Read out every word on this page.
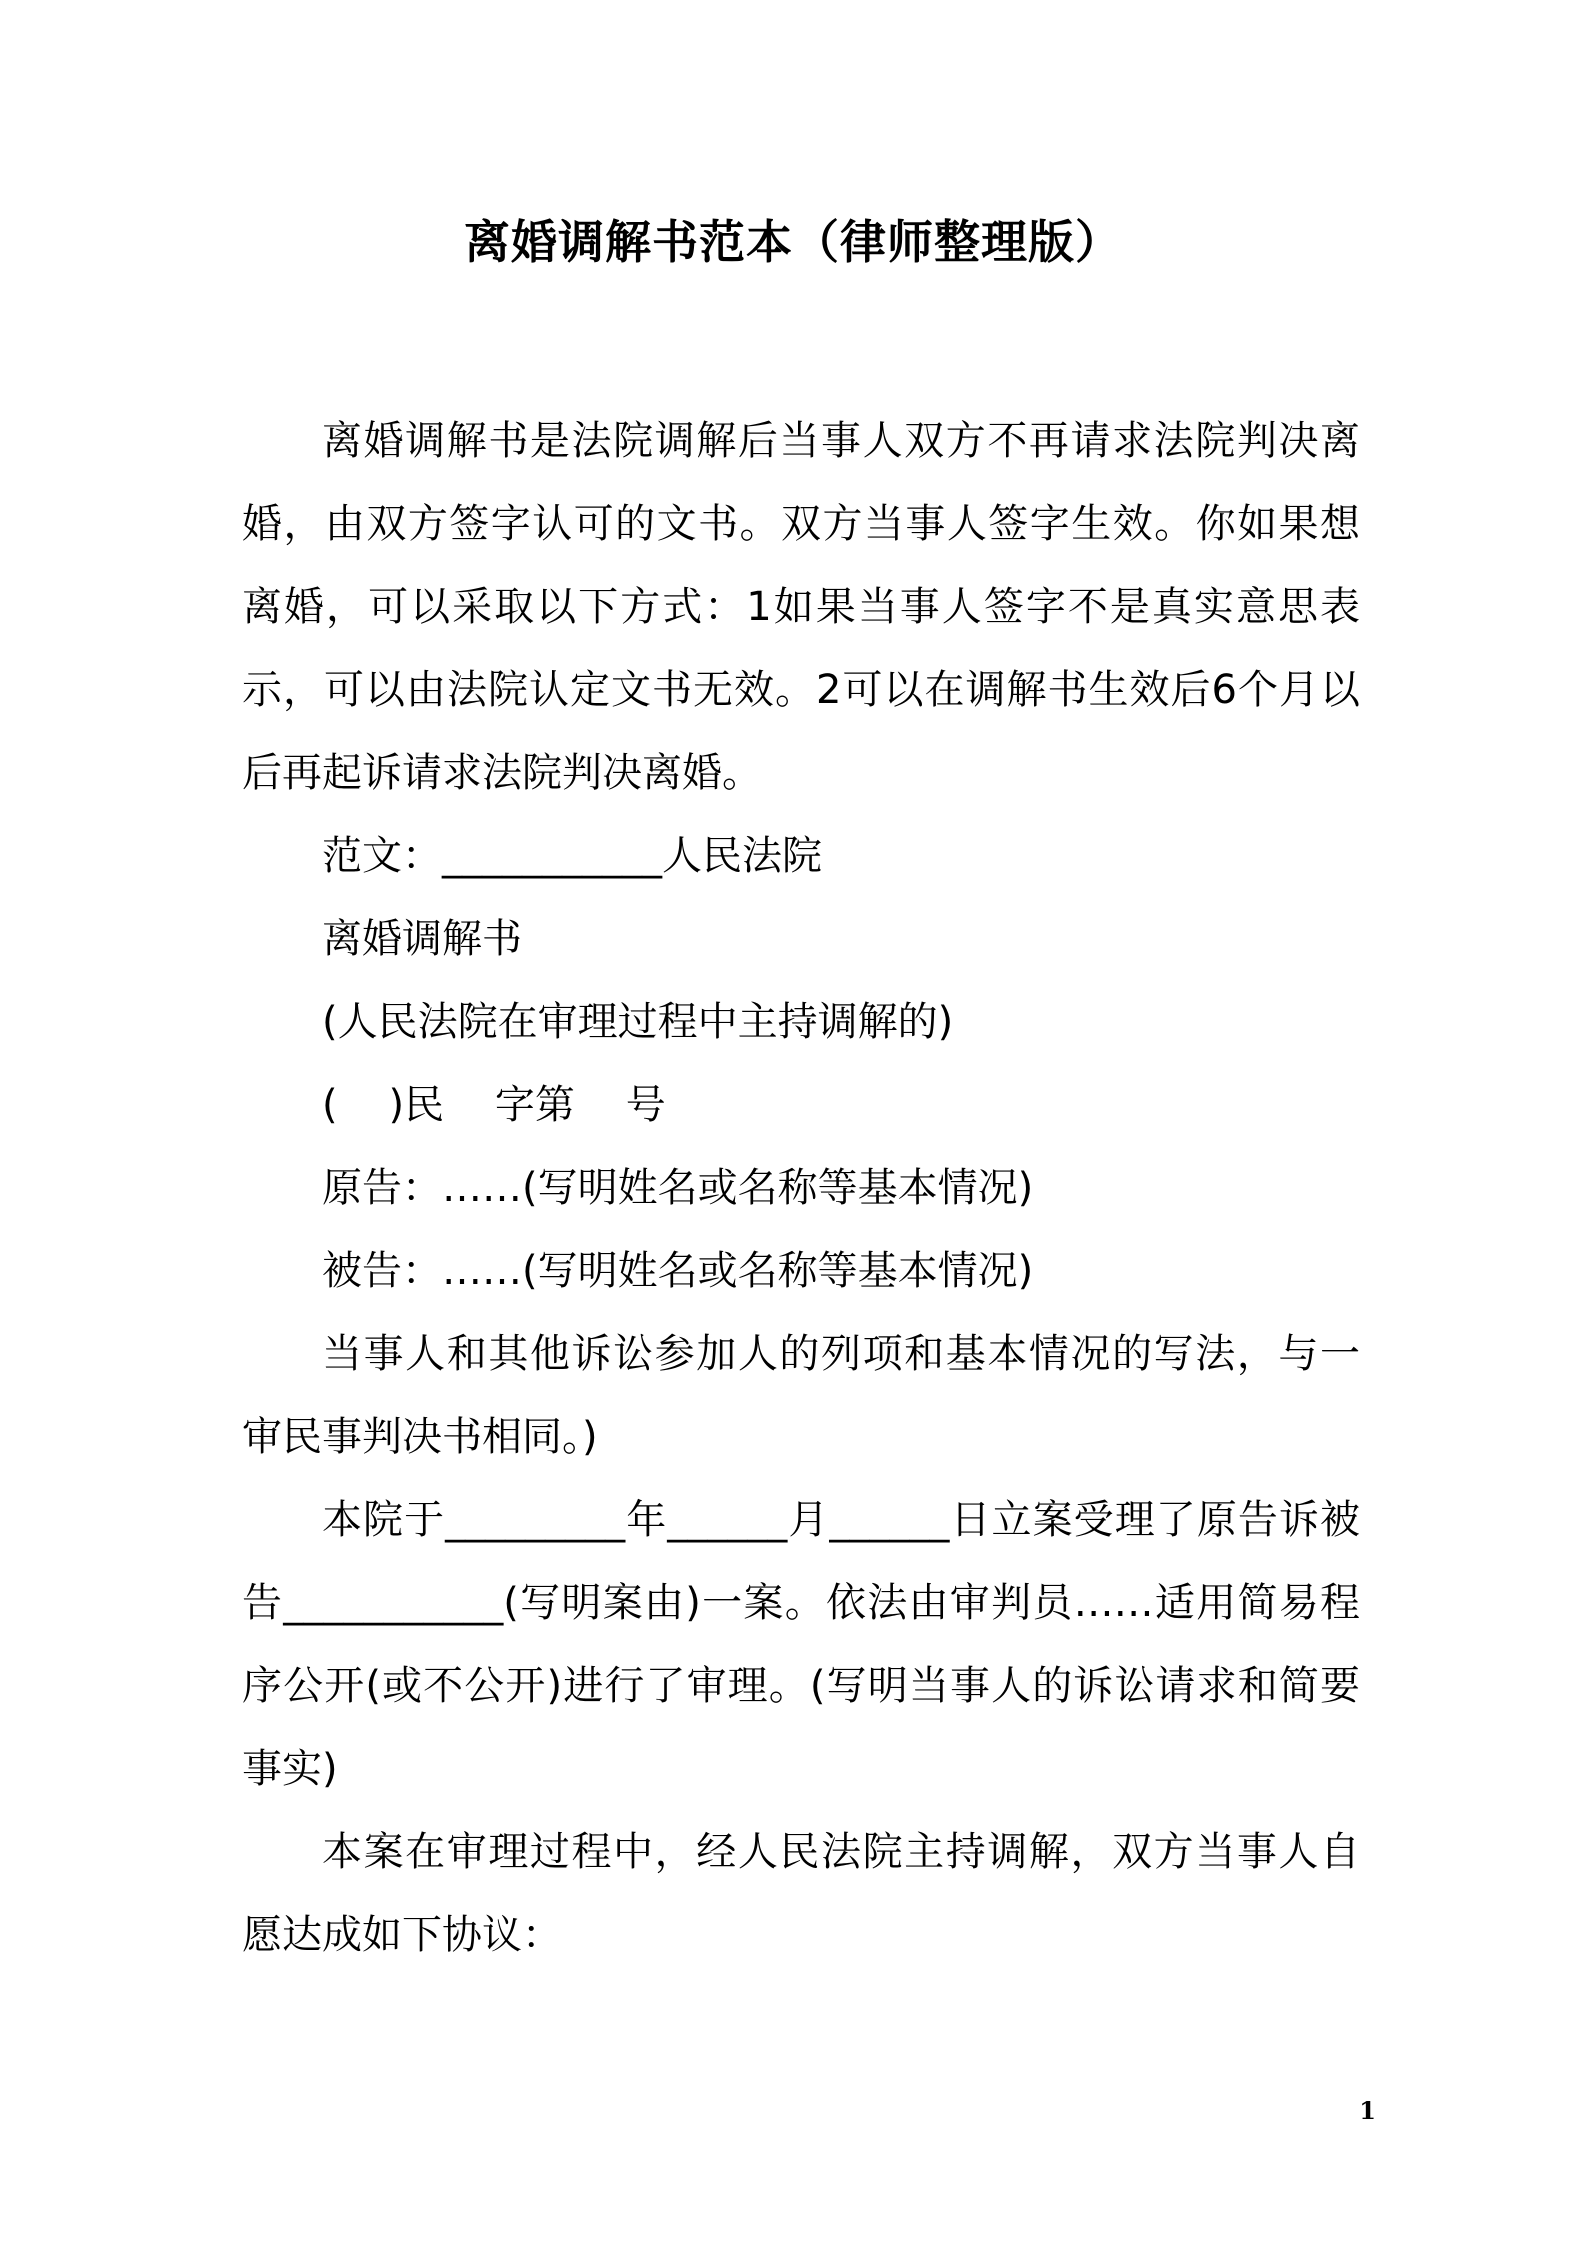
离婚调解书范本（律师整理版）

离婚调解书是法院调解后当事人双方不再请求法院判决离婚，由双方签字认可的文书。双方当事人签字生效。你如果想离婚，可以采取以下方式：1如果当事人签字不是真实意思表示，可以由法院认定文书无效。2可以在调解书生效后6个月以后再起诉请求法院判决离婚。

范文：___________人民法院

离婚调解书

(人民法院在审理过程中主持调解的)

(    )民    字第    号

原告：……(写明姓名或名称等基本情况)

被告：……(写明姓名或名称等基本情况)

当事人和其他诉讼参加人的列项和基本情况的写法，与一审民事判决书相同。)

本院于_________年______月______日立案受理了原告诉被告___________(写明案由)一案。依法由审判员……适用简易程序公开(或不公开)进行了审理。(写明当事人的诉讼请求和简要事实)

本案在审理过程中，经人民法院主持调解，双方当事人自愿达成如下协议：

1
